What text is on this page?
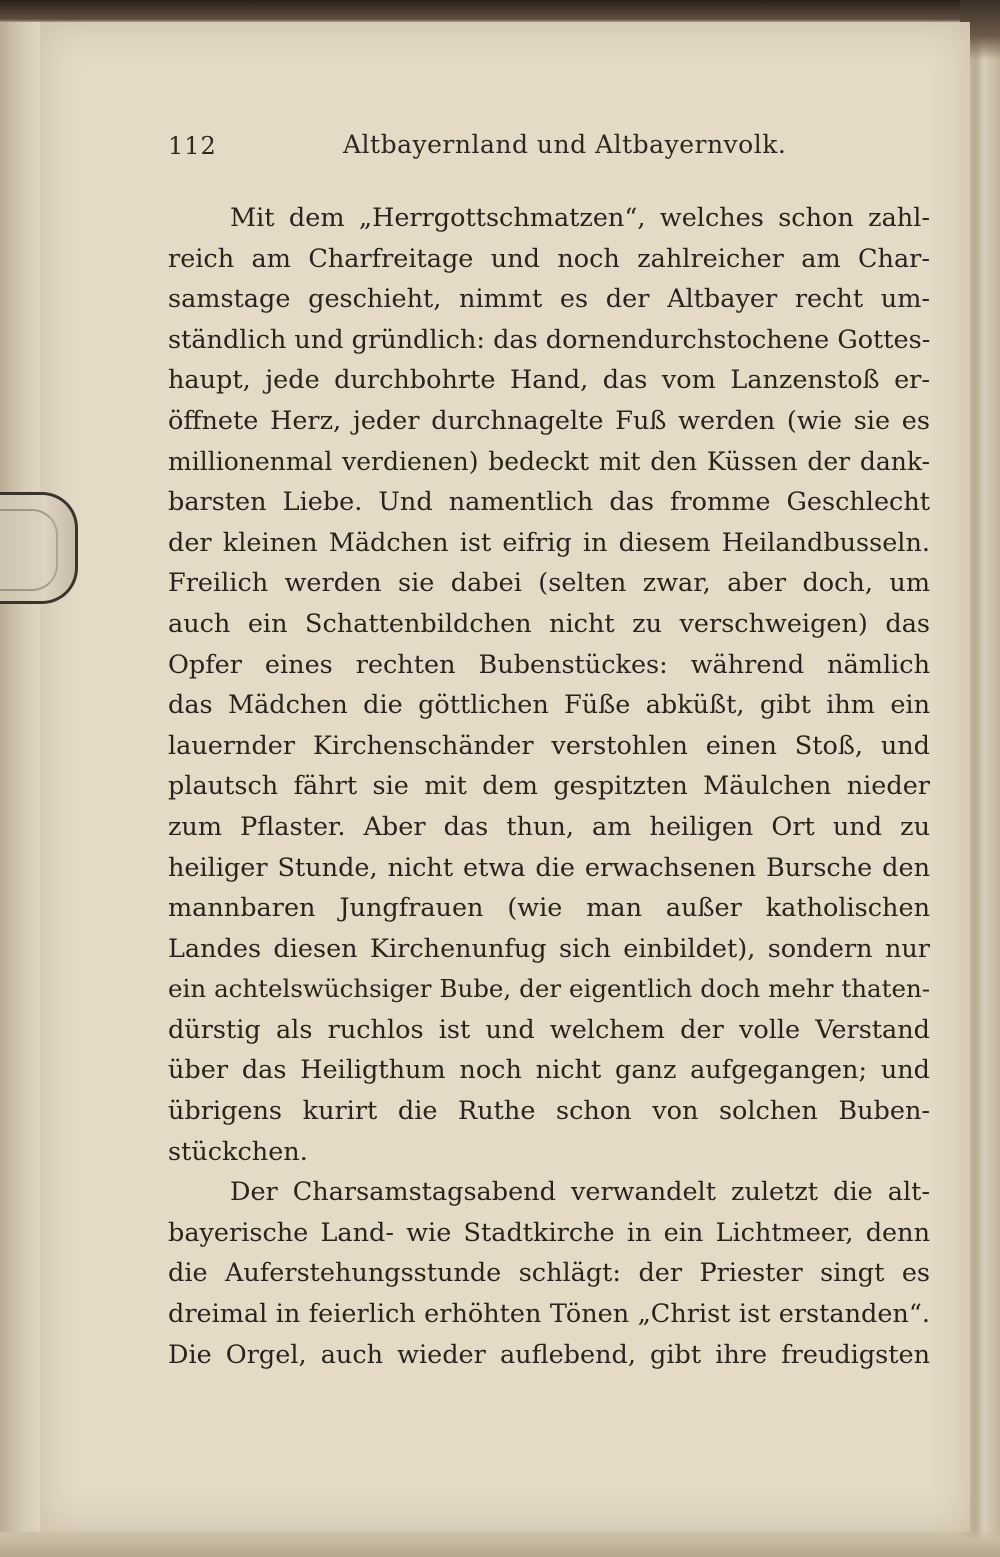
112	Altbayernland und Altbayernvolk.
Mit dem „Herrgottschmatzen“, welches schon zahl-
reich am Charfreitage und noch zahlreicher am Char-
samstage geschieht, nimmt es der Altbayer recht um-
ständlich und gründlich: das dornendurchstochene Gottes-
haupt, jede durchbohrte Hand, das vom Lanzenstoß er-
öffnete Herz, jeder durchnagelte Fuß werden (wie sie es
millionenmal verdienen) bedeckt mit den Küssen der dank-
barsten Liebe. Und namentlich das fromme Geschlecht
der kleinen Mädchen ist eifrig in diesem Heilandbusseln.
Freilich werden sie dabei (selten zwar, aber doch, um
auch ein Schattenbildchen nicht zu verschweigen) das
Opfer eines rechten Bubenstückes: während nämlich
das Mädchen die göttlichen Füße abküßt, gibt ihm ein
lauernder Kirchenschänder verstohlen einen Stoß, und
plautsch fährt sie mit dem gespitzten Mäulchen nieder
zum Pflaster. Aber das thun, am heiligen Ort und zu
heiliger Stunde, nicht etwa die erwachsenen Bursche den
mannbaren Jungfrauen (wie man außer katholischen
Landes diesen Kirchenunfug sich einbildet), sondern nur
ein achtelswüchsiger Bube, der eigentlich doch mehr thaten-
dürstig als ruchlos ist und welchem der volle Verstand
über das Heiligthum noch nicht ganz aufgegangen; und
übrigens kurirt die Ruthe schon von solchen Buben-
stückchen.
Der Charsamstagsabend verwandelt zuletzt die alt-
bayerische Land- wie Stadtkirche in ein Lichtmeer, denn
die Auferstehungsstunde schlägt: der Priester singt es
dreimal in feierlich erhöhten Tönen „Christ ist erstanden“.
Die Orgel, auch wieder auflebend, gibt ihre freudigsten
